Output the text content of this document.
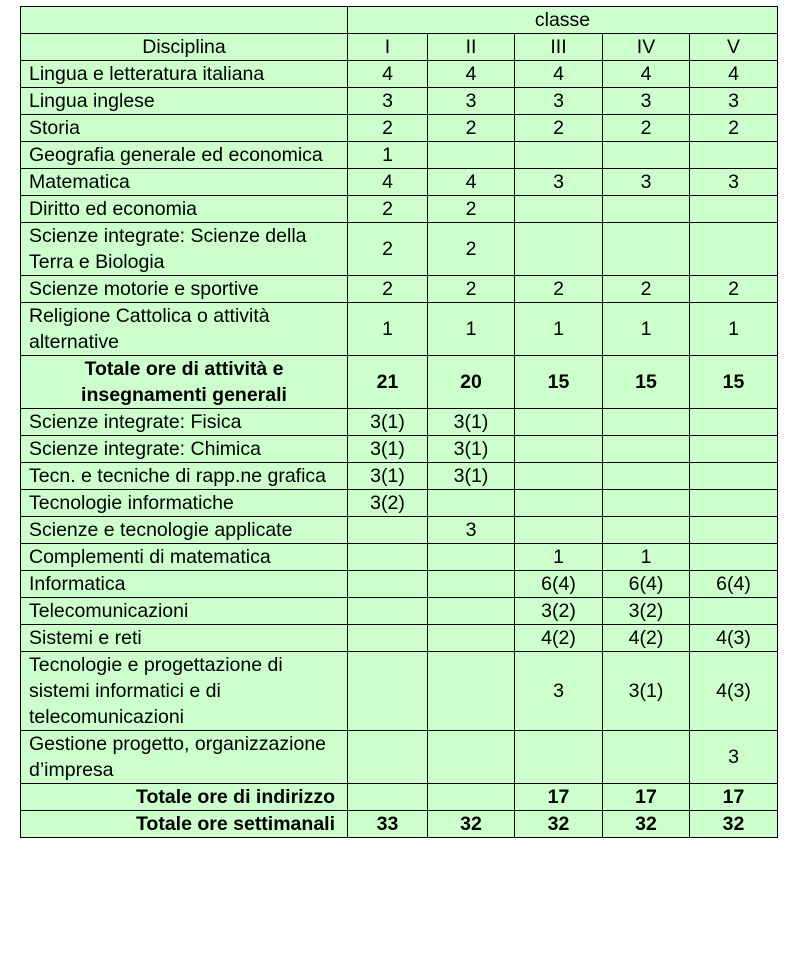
	classe				
Disciplina	I	II	III	IV	V
Lingua e letteratura italiana	4	4	4	4	4
Lingua inglese	3	3	3	3	3
Storia	2	2	2	2	2
Geografia generale ed economica	1				
Matematica	4	4	3	3	3
Diritto ed economia	2	2			
Scienze integrate: Scienze della Terra e Biologia	2	2			
Scienze motorie e sportive	2	2	2	2	2
Religione Cattolica o attività alternative	1	1	1	1	1
Totale ore di attività e insegnamenti generali	21	20	15	15	15
Scienze integrate: Fisica	3(1)	3(1)			
Scienze integrate: Chimica	3(1)	3(1)			
Tecn. e tecniche di rapp.ne grafica	3(1)	3(1)			
Tecnologie informatiche	3(2)				
Scienze e tecnologie applicate		3			
Complementi di matematica			1	1	
Informatica			6(4)	6(4)	6(4)
Telecomunicazioni			3(2)	3(2)	
Sistemi e reti			4(2)	4(2)	4(3)
Tecnologie e progettazione di sistemi informatici e di telecomunicazioni			3	3(1)	4(3)
Gestione progetto, organizzazione d’impresa					3
Totale ore di indirizzo			17	17	17
Totale ore settimanali	33	32	32	32	32
